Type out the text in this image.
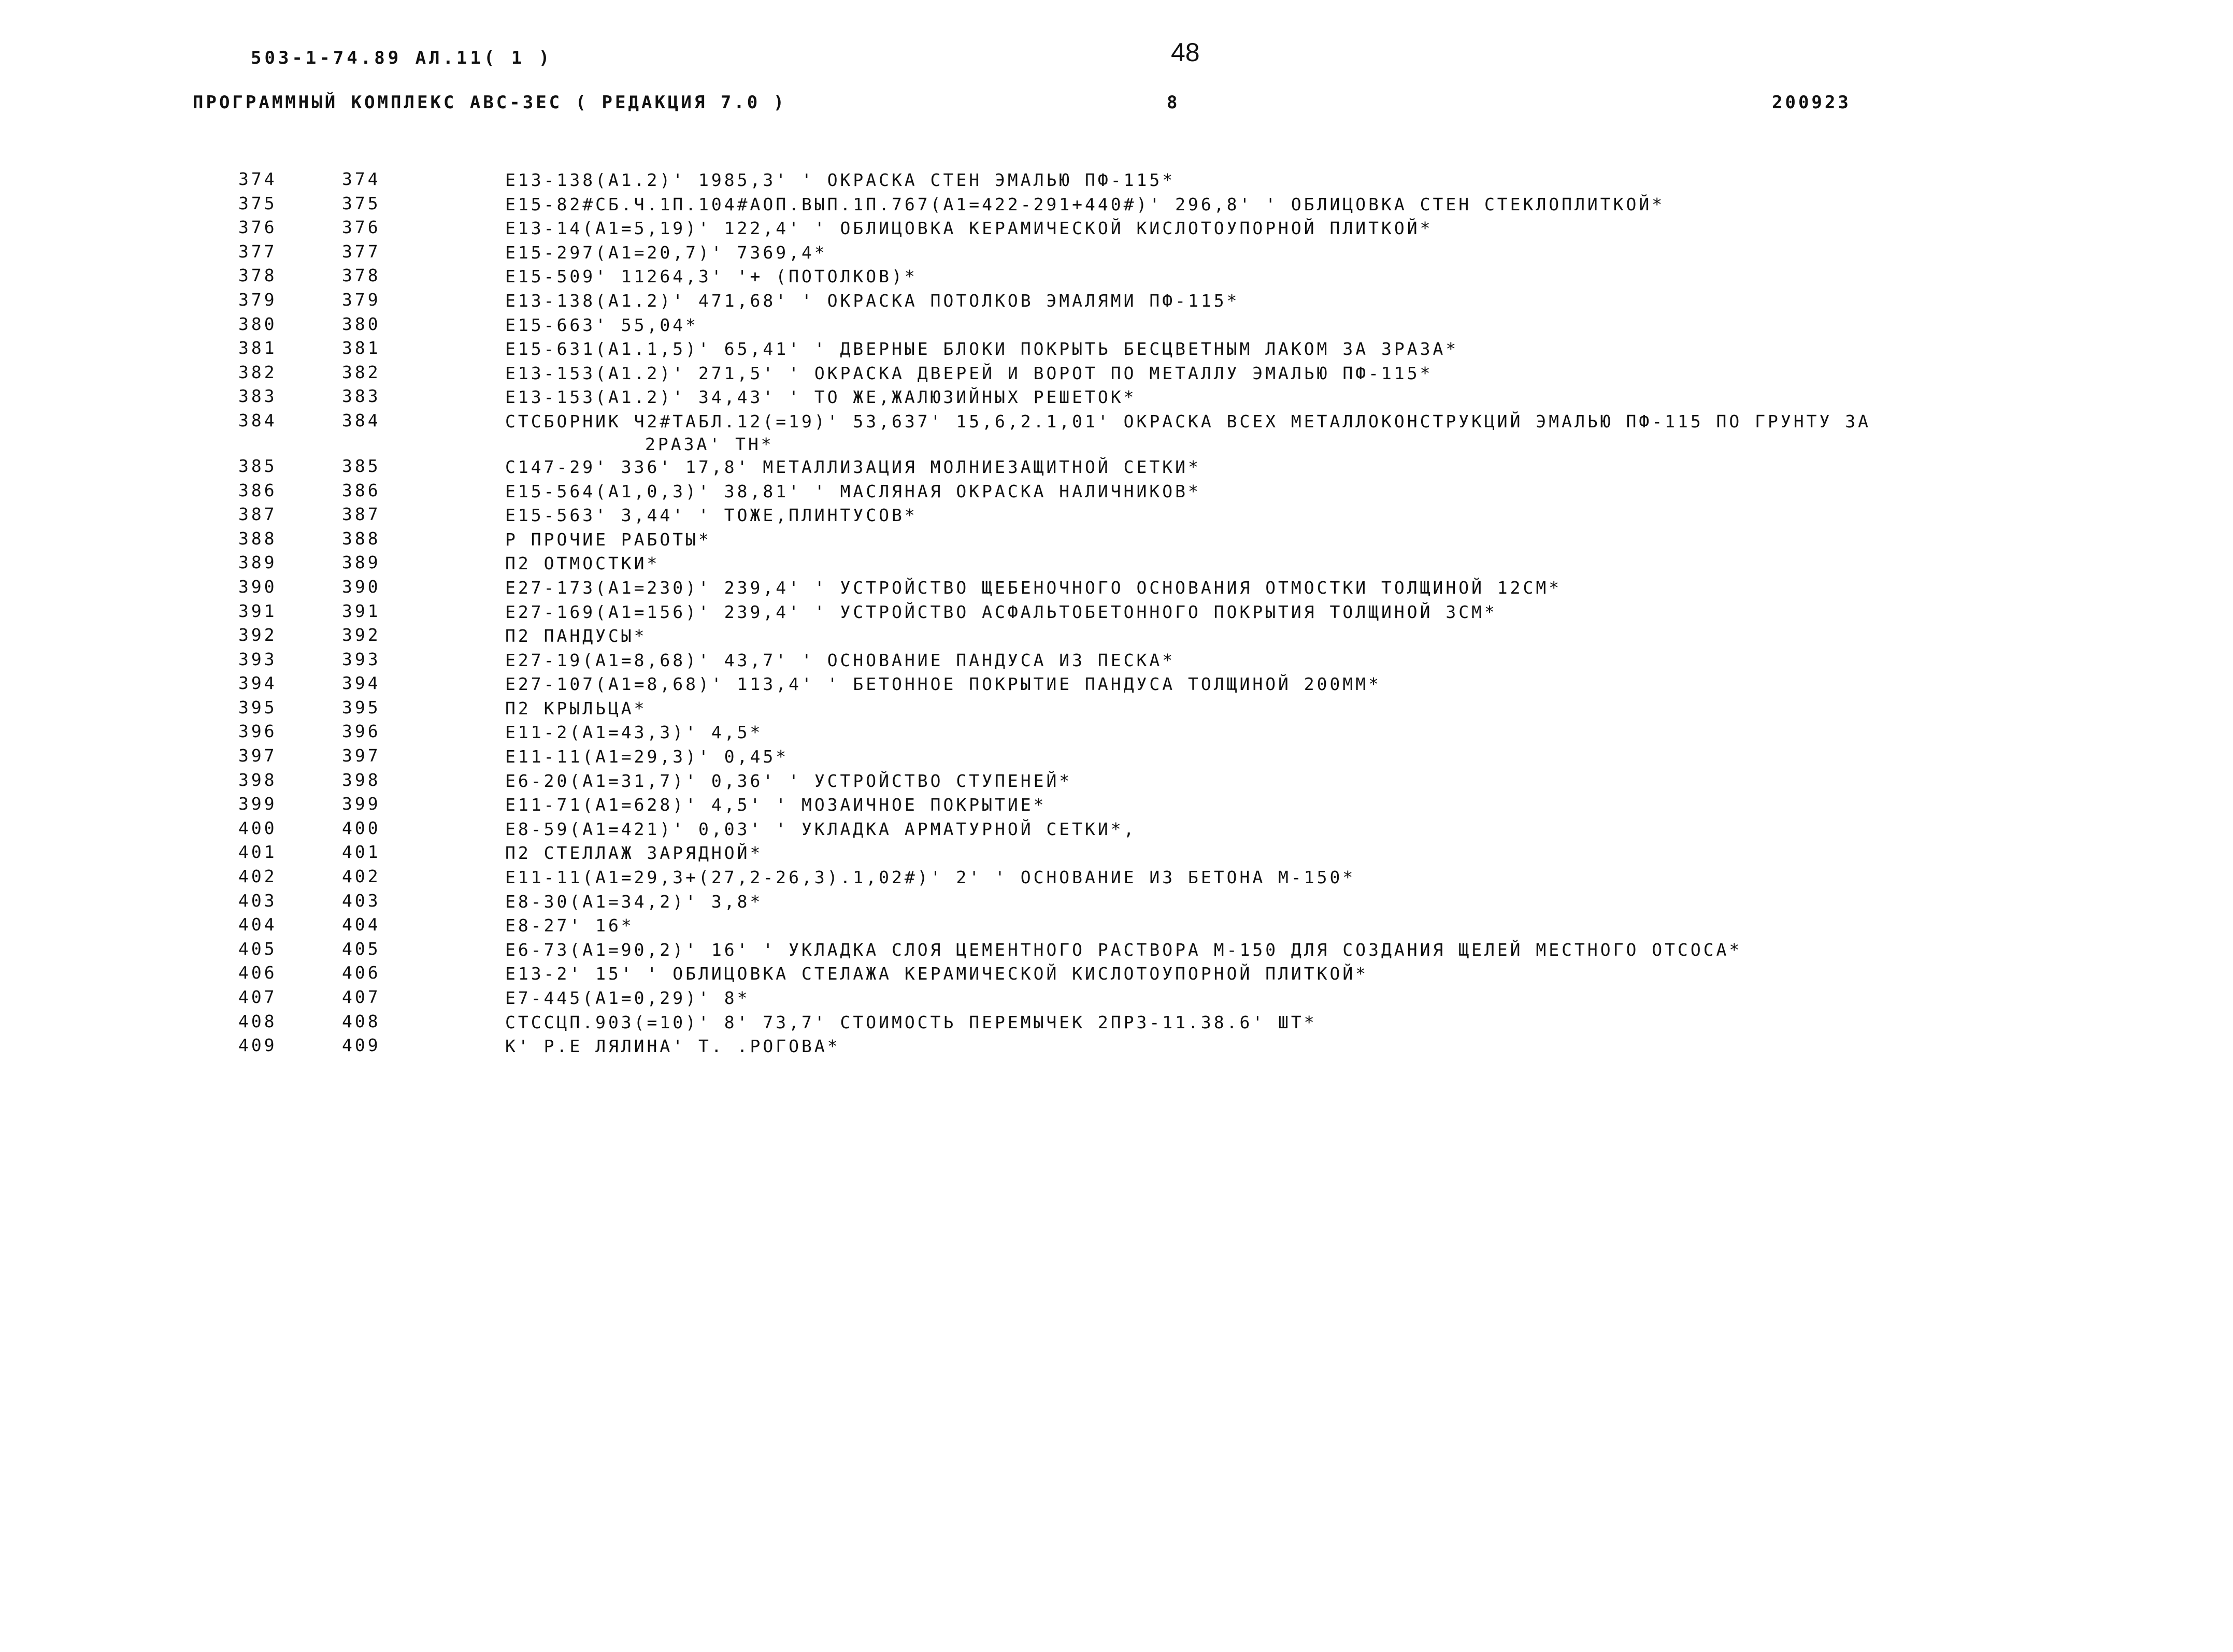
503-1-74.89 АЛ.11( 1 )	48
ПРОГРАММНЫЙ КОМПЛЕКС АВС-3ЕС ( РЕДАКЦИЯ 7.0 )	8	200923
374	374	Е13-138(А1.2)' 1985,3' ' ОКРАСКА СТЕН ЭМАЛЬЮ ПФ-115*
375	375	Е15-82#СБ.Ч.1П.104#АОП.ВЫП.1П.767(А1=422-291+440#)' 296,8' ' ОБЛИЦОВКА СТЕН СТЕКЛОПЛИТКОЙ*
376	376	Е13-14(А1=5,19)' 122,4' ' ОБЛИЦОВКА КЕРАМИЧЕСКОЙ КИСЛОТОУПОРНОЙ ПЛИТКОЙ*
377	377	Е15-297(А1=20,7)' 7369,4*
378	378	Е15-509' 11264,3' '+ (ПОТОЛКОВ)*
379	379	Е13-138(А1.2)' 471,68' ' ОКРАСКА ПОТОЛКОВ ЭМАЛЯМИ ПФ-115*
380	380	Е15-663' 55,04*
381	381	Е15-631(А1.1,5)' 65,41' ' ДВЕРНЫЕ БЛОКИ ПОКРЫТЬ БЕСЦВЕТНЫМ ЛАКОМ ЗА 3РАЗА*
382	382	Е13-153(А1.2)' 271,5' ' ОКРАСКА ДВЕРЕЙ И ВОРОТ ПО МЕТАЛЛУ ЭМАЛЬЮ ПФ-115*
383	383	Е13-153(А1.2)' 34,43' ' ТО ЖЕ,ЖАЛЮЗИЙНЫХ РЕШЕТОК*
384	384	СТСБОРНИК Ч2#ТАБЛ.12(=19)' 53,637' 15,6,2.1,01' ОКРАСКА ВСЕХ МЕТАЛЛОКОНСТРУКЦИЙ ЭМАЛЬЮ ПФ-115 ПО ГРУНТУ ЗА
2РАЗА' ТН*
385	385	С147-29' 336' 17,8' МЕТАЛЛИЗАЦИЯ МОЛНИЕЗАЩИТНОЙ СЕТКИ*
386	386	Е15-564(А1,0,3)' 38,81' ' МАСЛЯНАЯ ОКРАСКА НАЛИЧНИКОВ*
387	387	Е15-563' 3,44' ' ТОЖЕ,ПЛИНТУСОВ*
388	388	Р ПРОЧИЕ РАБОТЫ*
389	389	П2 ОТМОСТКИ*
390	390	Е27-173(А1=230)' 239,4' ' УСТРОЙСТВО ЩЕБЕНОЧНОГО ОСНОВАНИЯ ОТМОСТКИ ТОЛЩИНОЙ 12СМ*
391	391	Е27-169(А1=156)' 239,4' ' УСТРОЙСТВО АСФАЛЬТОБЕТОННОГО ПОКРЫТИЯ ТОЛЩИНОЙ 3СМ*
392	392	П2 ПАНДУСЫ*
393	393	Е27-19(А1=8,68)' 43,7' ' ОСНОВАНИЕ ПАНДУСА ИЗ ПЕСКА*
394	394	Е27-107(А1=8,68)' 113,4' ' БЕТОННОЕ ПОКРЫТИЕ ПАНДУСА ТОЛЩИНОЙ 200ММ*
395	395	П2 КРЫЛЬЦА*
396	396	Е11-2(А1=43,3)' 4,5*
397	397	Е11-11(А1=29,3)' 0,45*
398	398	Е6-20(А1=31,7)' 0,36' ' УСТРОЙСТВО СТУПЕНЕЙ*
399	399	Е11-71(А1=628)' 4,5' ' МОЗАИЧНОЕ ПОКРЫТИЕ*
400	400	Е8-59(А1=421)' 0,03' ' УКЛАДКА АРМАТУРНОЙ СЕТКИ*,
401	401	П2 СТЕЛЛАЖ ЗАРЯДНОЙ*
402	402	Е11-11(А1=29,3+(27,2-26,3).1,02#)' 2' ' ОСНОВАНИЕ ИЗ БЕТОНА М-150*
403	403	Е8-30(А1=34,2)' 3,8*
404	404	Е8-27' 16*
405	405	Е6-73(А1=90,2)' 16' ' УКЛАДКА СЛОЯ ЦЕМЕНТНОГО РАСТВОРА М-150 ДЛЯ СОЗДАНИЯ ЩЕЛЕЙ МЕСТНОГО ОТСОСА*
406	406	Е13-2' 15' ' ОБЛИЦОВКА СТЕЛАЖА КЕРАМИЧЕСКОЙ КИСЛОТОУПОРНОЙ ПЛИТКОЙ*
407	407	Е7-445(А1=0,29)' 8*
408	408	СТССЦП.903(=10)' 8' 73,7' СТОИМОСТЬ ПЕРЕМЫЧЕК 2ПР3-11.38.6' ШТ*
409	409	К' Р.Е ЛЯЛИНА' Т. .РОГОВА*
